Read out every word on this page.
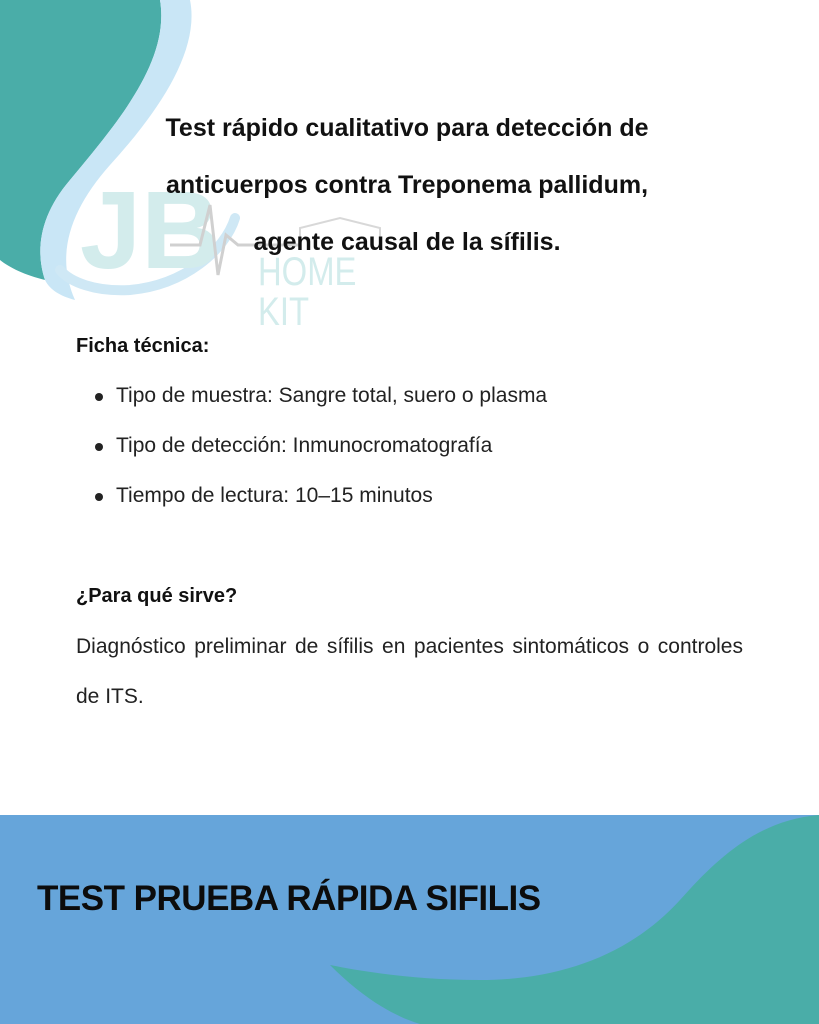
JB HOME KIT
Test rápido cualitativo para detección de
anticuerpos contra Treponema pallidum,
agente causal de la sífilis.
Ficha técnica:
Tipo de muestra: Sangre total, suero o plasma
Tipo de detección: Inmunocromatografía
Tiempo de lectura: 10–15 minutos
¿Para qué sirve?
Diagnóstico preliminar de sífilis en pacientes sintomáticos o controles de ITS.
TEST PRUEBA RÁPIDA SIFILIS
